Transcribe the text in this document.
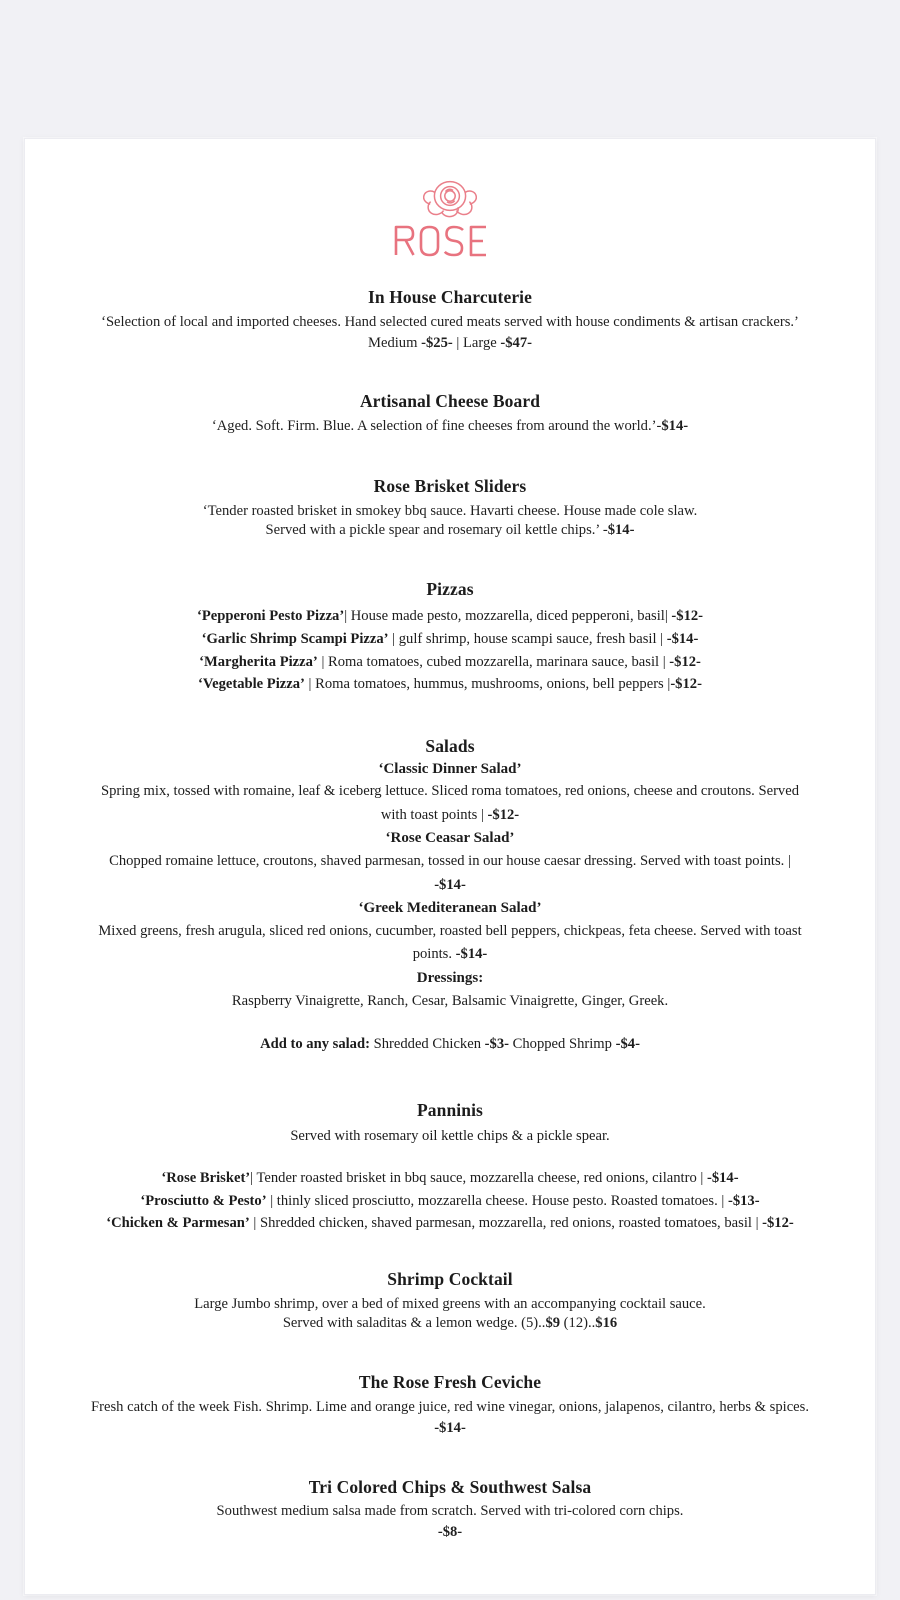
In House Charcuterie

‘Selection of local and imported cheeses. Hand selected cured meats served with house condiments & artisan crackers.’

Medium -$25- | Large -$47-

Artisanal Cheese Board

‘Aged. Soft. Firm. Blue. A selection of fine cheeses from around the world.’-$14-

Rose Brisket Sliders

‘Tender roasted brisket in smokey bbq sauce. Havarti cheese. House made cole slaw.
Served with a pickle spear and rosemary oil kettle chips.’ -$14-

Pizzas

‘Pepperoni Pesto Pizza’| House made pesto, mozzarella, diced pepperoni, basil| -$12-

‘Garlic Shrimp Scampi Pizza’ | gulf shrimp, house scampi sauce, fresh basil | -$14-

‘Margherita Pizza’ | Roma tomatoes, cubed mozzarella, marinara sauce, basil | -$12-

‘Vegetable Pizza’ | Roma tomatoes, hummus, mushrooms, onions, bell peppers |-$12-

Salads

‘Classic Dinner Salad’

Spring mix, tossed with romaine, leaf & iceberg lettuce. Sliced roma tomatoes, red onions, cheese and croutons. Served with toast points | -$12-

‘Rose Ceasar Salad’

Chopped romaine lettuce, croutons, shaved parmesan, tossed in our house caesar dressing. Served with toast points. | -$14-

‘Greek Mediteranean Salad’

Mixed greens, fresh arugula, sliced red onions, cucumber, roasted bell peppers, chickpeas, feta cheese. Served with toast points. -$14-

Dressings:

Raspberry Vinaigrette, Ranch, Cesar, Balsamic Vinaigrette, Ginger, Greek.

Add to any salad: Shredded Chicken -$3- Chopped Shrimp -$4-

Panninis

Served with rosemary oil kettle chips & a pickle spear.

‘Rose Brisket’| Tender roasted brisket in bbq sauce, mozzarella cheese, red onions, cilantro | -$14-

‘Prosciutto & Pesto’ | thinly sliced prosciutto, mozzarella cheese. House pesto. Roasted tomatoes. | -$13-

‘Chicken & Parmesan’ | Shredded chicken, shaved parmesan, mozzarella, red onions, roasted tomatoes, basil | -$12-

Shrimp Cocktail

Large Jumbo shrimp, over a bed of mixed greens with an accompanying cocktail sauce.
Served with saladitas & a lemon wedge. (5)..$9 (12)..$16

The Rose Fresh Ceviche

Fresh catch of the week Fish. Shrimp. Lime and orange juice, red wine vinegar, onions, jalapenos, cilantro, herbs & spices.

-$14-

Tri Colored Chips & Southwest Salsa

Southwest medium salsa made from scratch. Served with tri-colored corn chips.

-$8-
